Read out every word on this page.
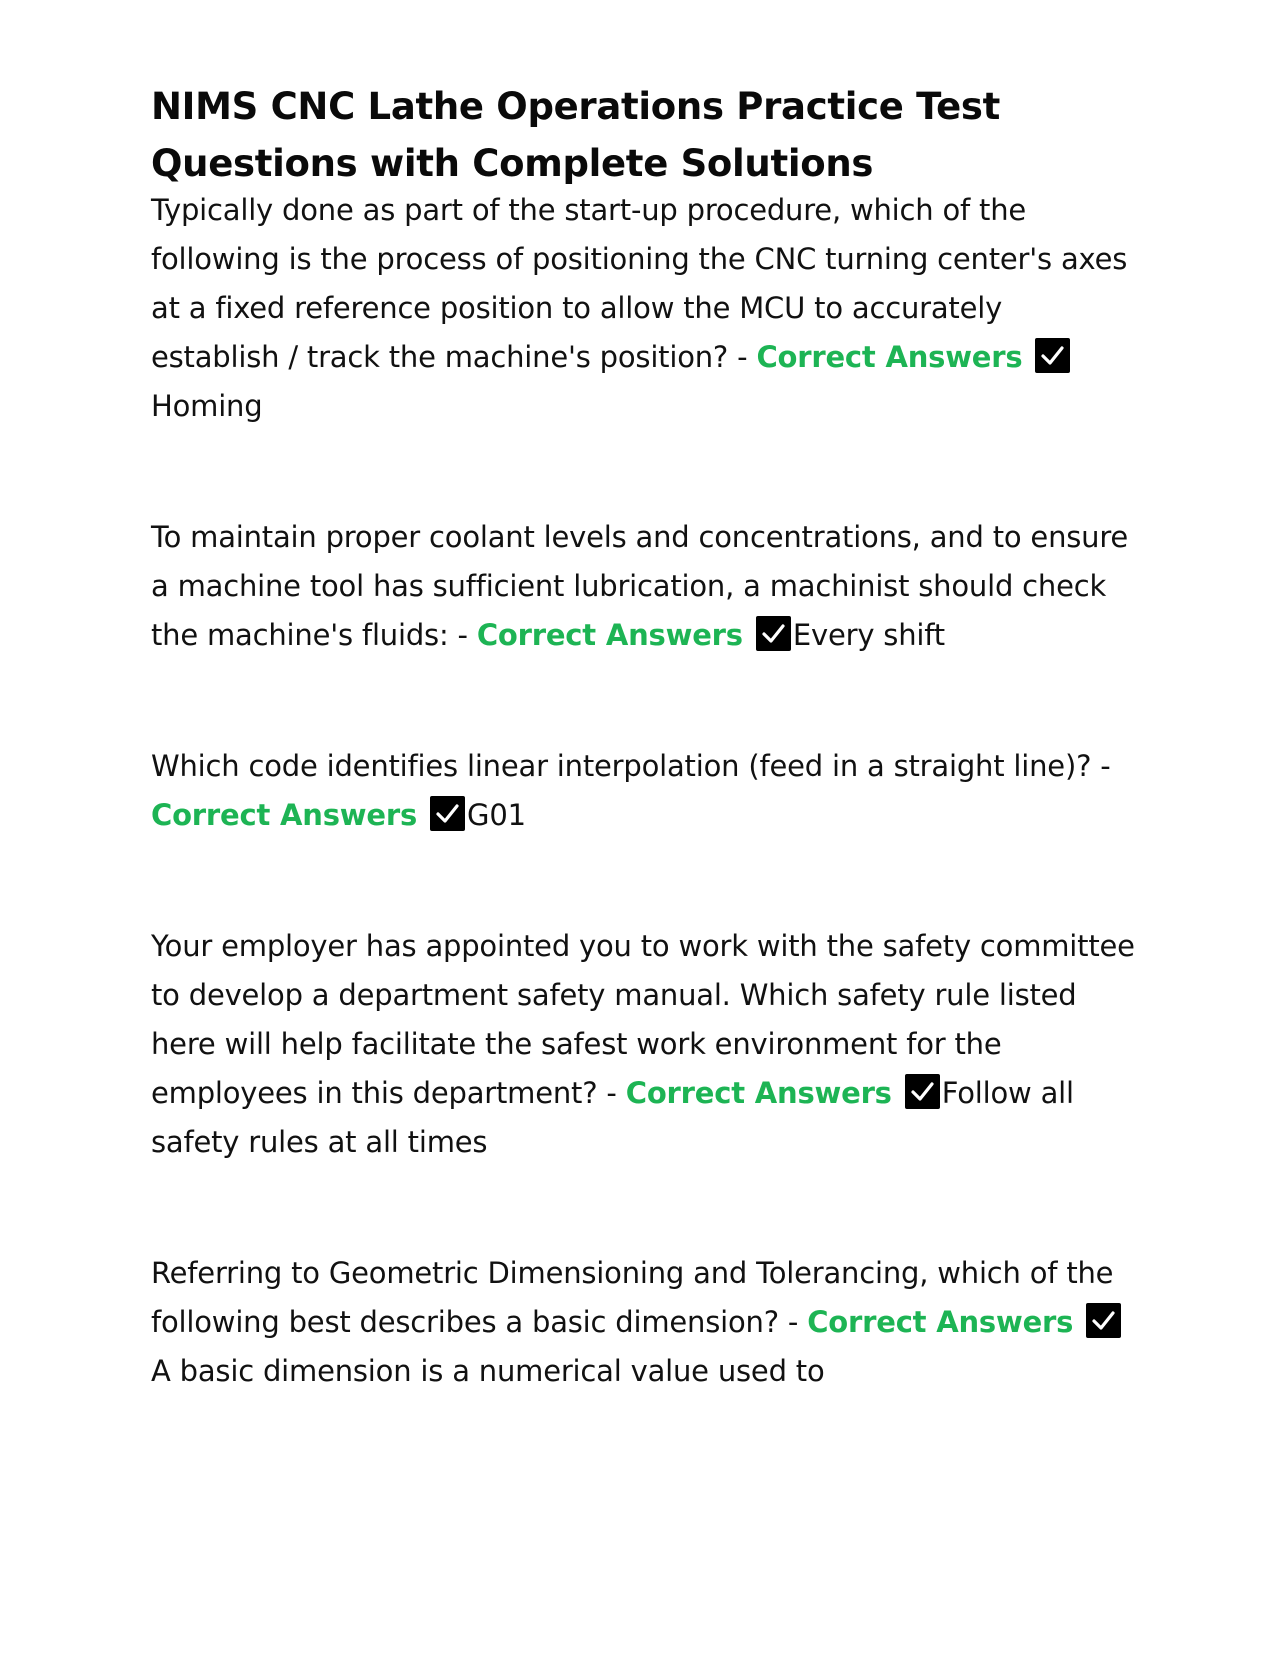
NIMS CNC Lathe Operations Practice Test Questions with Complete Solutions

Typically done as part of the start-up procedure, which of the following is the process of positioning the CNC turning center's axes at a fixed reference position to allow the MCU to accurately establish / track the machine's position? - Correct Answers
Homing

To maintain proper coolant levels and concentrations, and to ensure a machine tool has sufficient lubrication, a machinist should check the machine's fluids: - Correct Answers Every shift

Which code identifies linear interpolation (feed in a straight line)? - Correct Answers G01

Your employer has appointed you to work with the safety committee to develop a department safety manual. Which safety rule listed here will help facilitate the safest work environment for the employees in this department? - Correct Answers Follow all safety rules at all times

Referring to Geometric Dimensioning and Tolerancing, which of the following best describes a basic dimension? - Correct Answers
A basic dimension is a numerical value used to
